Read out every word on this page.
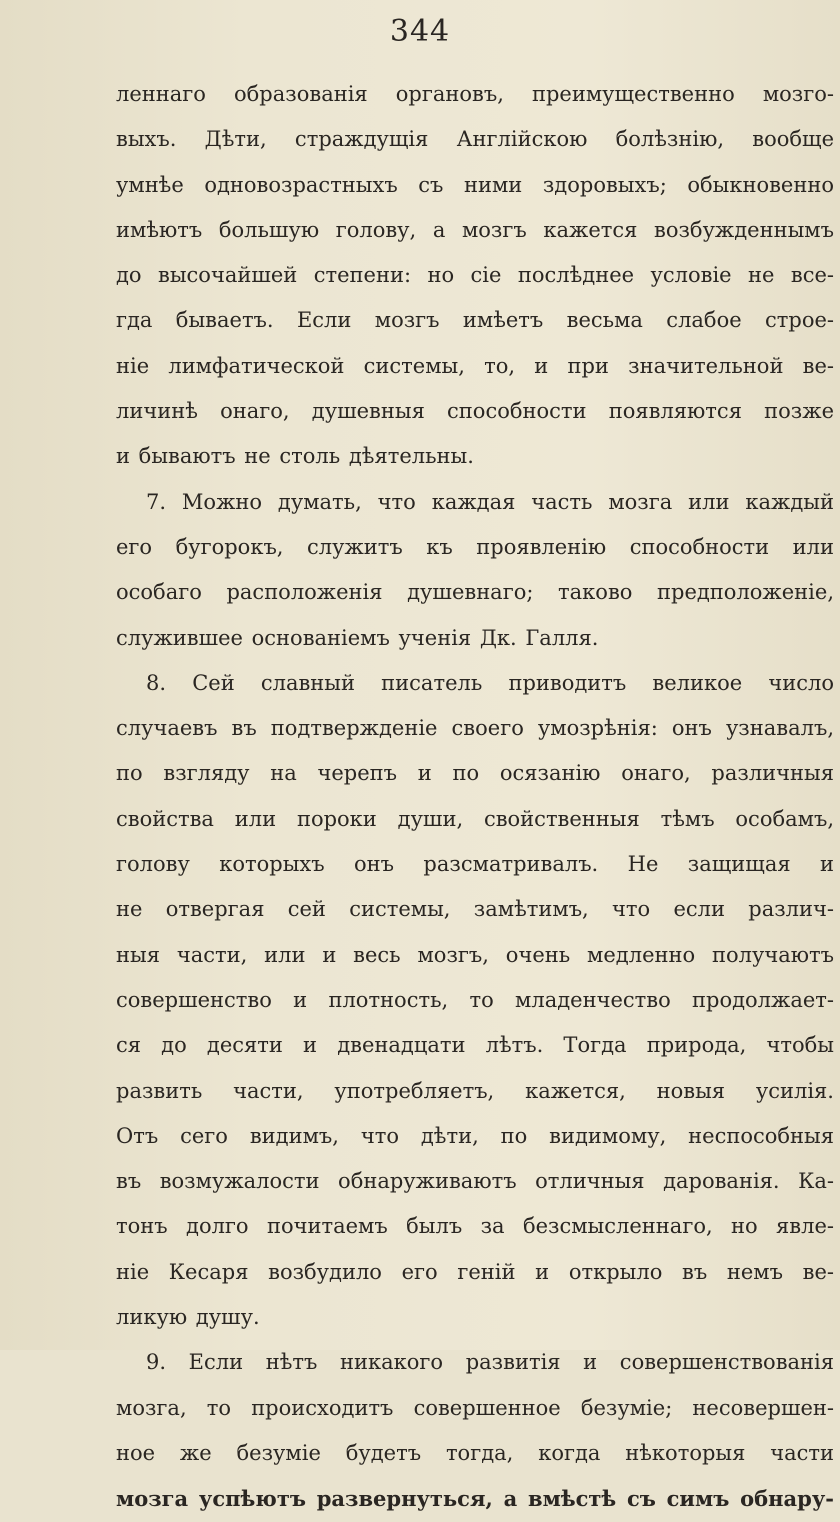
344
леннаго образованія органовъ, преимущественно мозго-
выхъ. Дѣти, страждущія Англійскою болѣзнію, вообще
умнѣе одновозрастныхъ съ ними здоровыхъ; обыкновенно
имѣютъ большую голову, а мозгъ кажется возбужденнымъ
до высочайшей степени: но сіе послѣднее условіе не все-
гда бываетъ. Если мозгъ имѣетъ весьма слабое строе-
ніе лимфатической системы, то, и при значительной ве-
личинѣ онаго, душевныя способности появляются позже
и бываютъ не столь дѣятельны.
7. Можно думать, что каждая часть мозга или каждый
его бугорокъ, служитъ къ проявленію способности или
особаго расположенія душевнаго; таково предположеніе,
служившее основаніемъ ученія Дк. Галля.
8. Сей славный писатель приводитъ великое число
случаевъ въ подтвержденіе своего умозрѣнія: онъ узнавалъ,
по взгляду на черепъ и по осязанію онаго, различныя
свойства или пороки души, свойственныя тѣмъ особамъ,
голову которыхъ онъ разсматривалъ. Не защищая и
не отвергая сей системы, замѣтимъ, что если различ-
ныя части, или и весь мозгъ, очень медленно получаютъ
совершенство и плотность, то младенчество продолжает-
ся до десяти и двенадцати лѣтъ. Тогда природа, чтобы
развить части, употребляетъ, кажется, новыя усилія.
Отъ сего видимъ, что дѣти, по видимому, неспособныя
въ возмужалости обнаруживаютъ отличныя дарованія. Ка-
тонъ долго почитаемъ былъ за безсмысленнаго, но явле-
ніе Кесаря возбудило его геній и открыло въ немъ ве-
ликую душу.
9. Если нѣтъ никакого развитія и совершенствованія
мозга, то происходитъ совершенное безуміе; несовершен-
ное же безуміе будетъ тогда, когда нѣкоторыя части
мозга успѣютъ развернуться, а вмѣстѣ съ симъ обнару-
